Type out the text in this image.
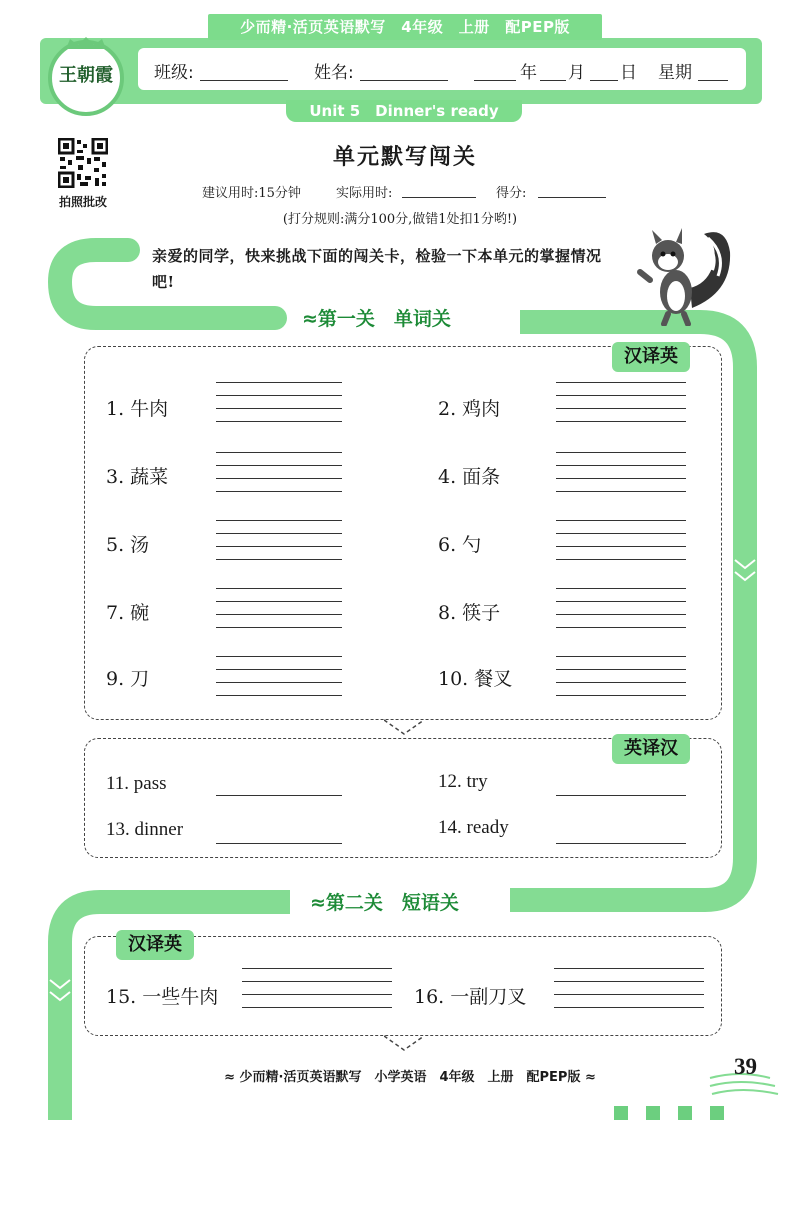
少而精·活页英语默写　4年级　上册　配PEP版
班级:	姓名:	年 月 日 星期
Unit 5　Dinner's ready
王朝霞
拍照批改
单元默写闯关
建议用时:15分钟	实际用时:	得分:
(打分规则:满分100分,做错1处扣1分哟!)
亲爱的同学，快来挑战下面的闯关卡，检验一下本单元的掌握情况吧!
≈第一关　单词关
汉译英
1. 牛肉	2. 鸡肉
3. 蔬菜	4. 面条
5. 汤	6. 勺
7. 碗	8. 筷子
9. 刀	10. 餐叉
英译汉
11. pass	12. try
13. dinner	14. ready
≈第二关　短语关
汉译英
15. 一些牛肉	16. 一副刀叉
≈ 少而精·活页英语默写　小学英语　4年级　上册　配PEP版 ≈	39
